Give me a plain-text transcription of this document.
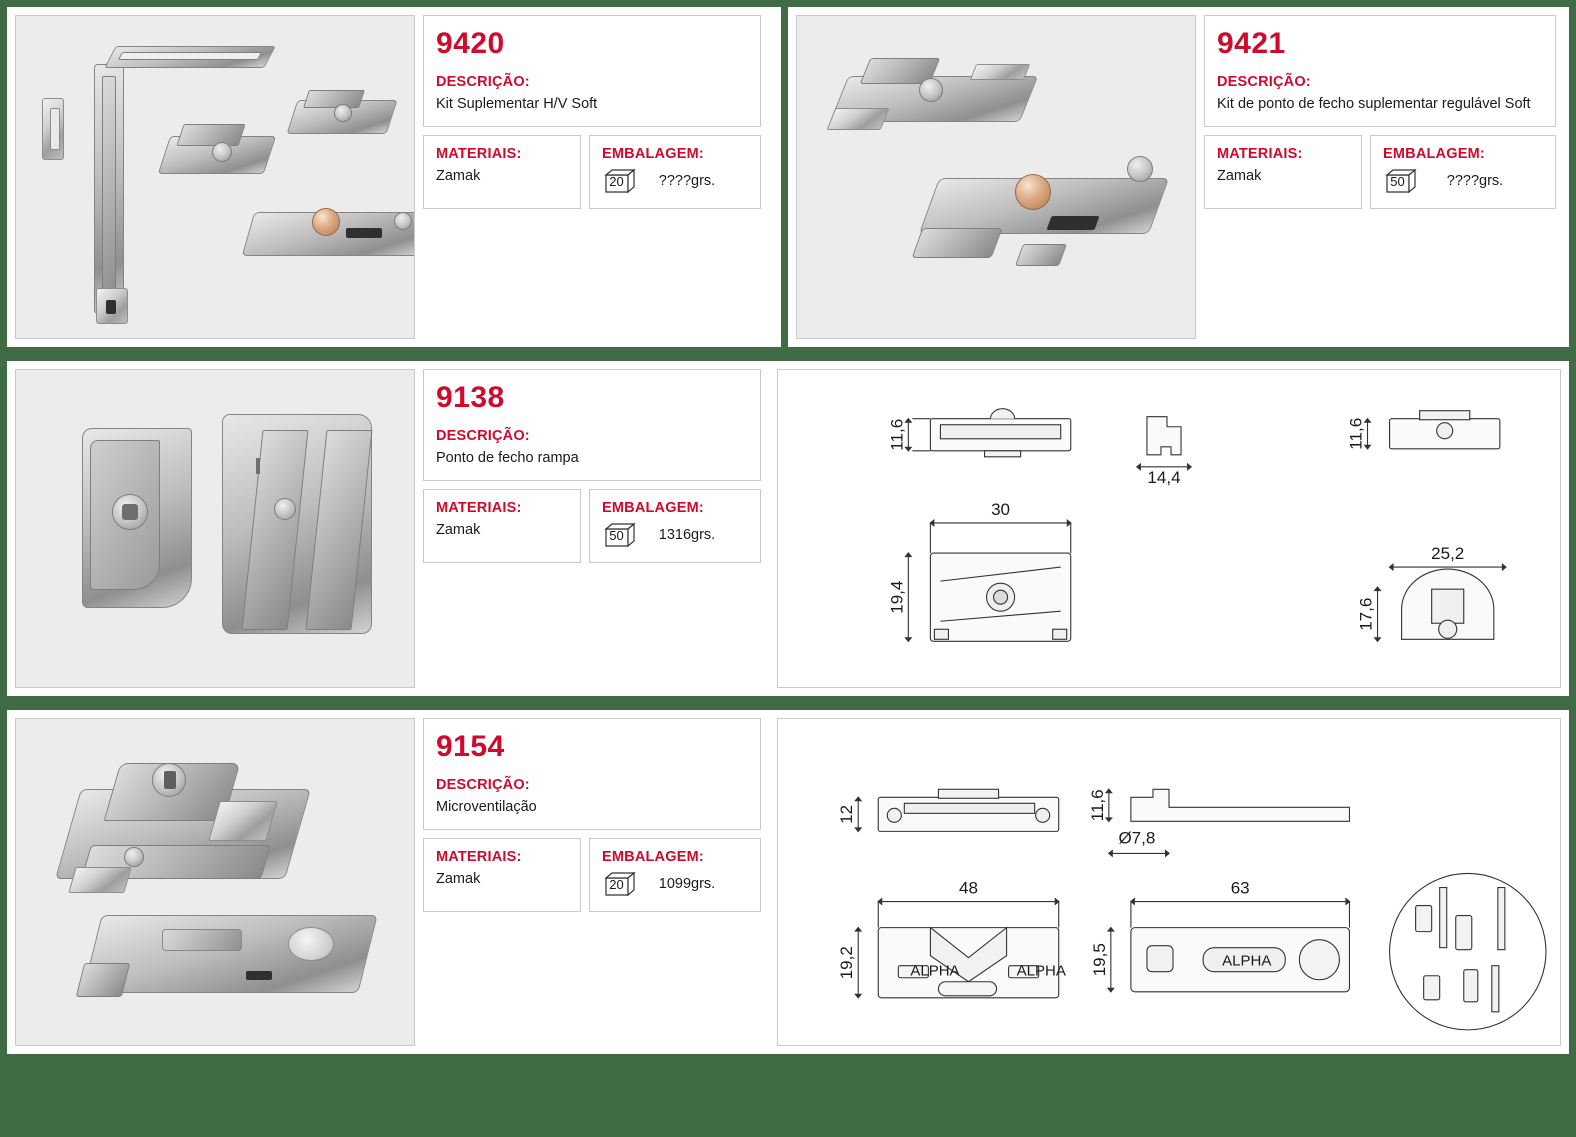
9420
DESCRIÇÃO:
Kit Suplementar H/V Soft
MATERIAIS:
Zamak
EMBALAGEM:
20	????grs.
9421
DESCRIÇÃO:
Kit de ponto de fecho suplementar regulável Soft
MATERIAIS:
Zamak
EMBALAGEM:
50	????grs.
9138
DESCRIÇÃO:
Ponto de fecho rampa
MATERIAIS:
Zamak
EMBALAGEM:
50	1316grs.
11,6
14,4
11,6
30
25,2
19,4
17,6
9154
DESCRIÇÃO:
Microventilação
MATERIAIS:
Zamak
EMBALAGEM:
20	1099grs.
12	11,6
Ø7,8
48	63
19,2	19,5
ALPHA	ALPHA
ALPHA
